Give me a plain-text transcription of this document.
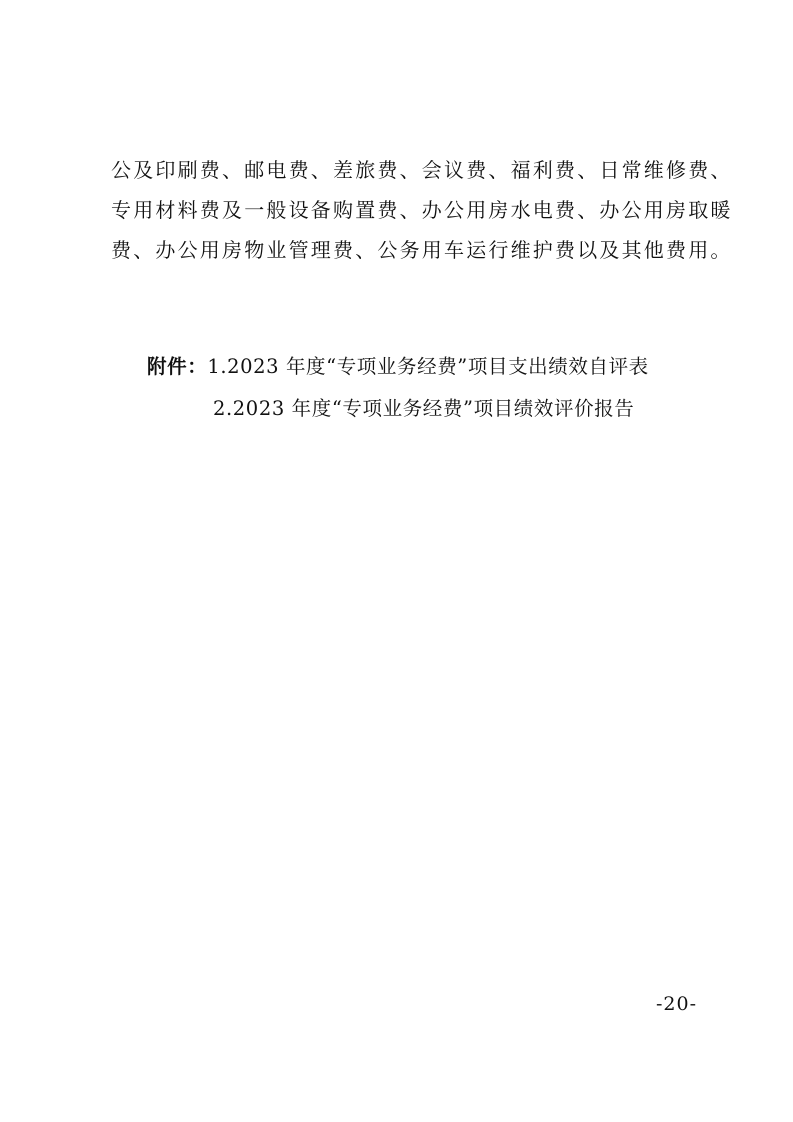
公及印刷费、邮电费、差旅费、会议费、福利费、日常维修费、
专用材料费及一般设备购置费、办公用房水电费、办公用房取暖
费、办公用房物业管理费、公务用车运行维护费以及其他费用。
附件：1.2023 年度“专项业务经费”项目支出绩效自评表
2.2023 年度“专项业务经费”项目绩效评价报告
-20-
